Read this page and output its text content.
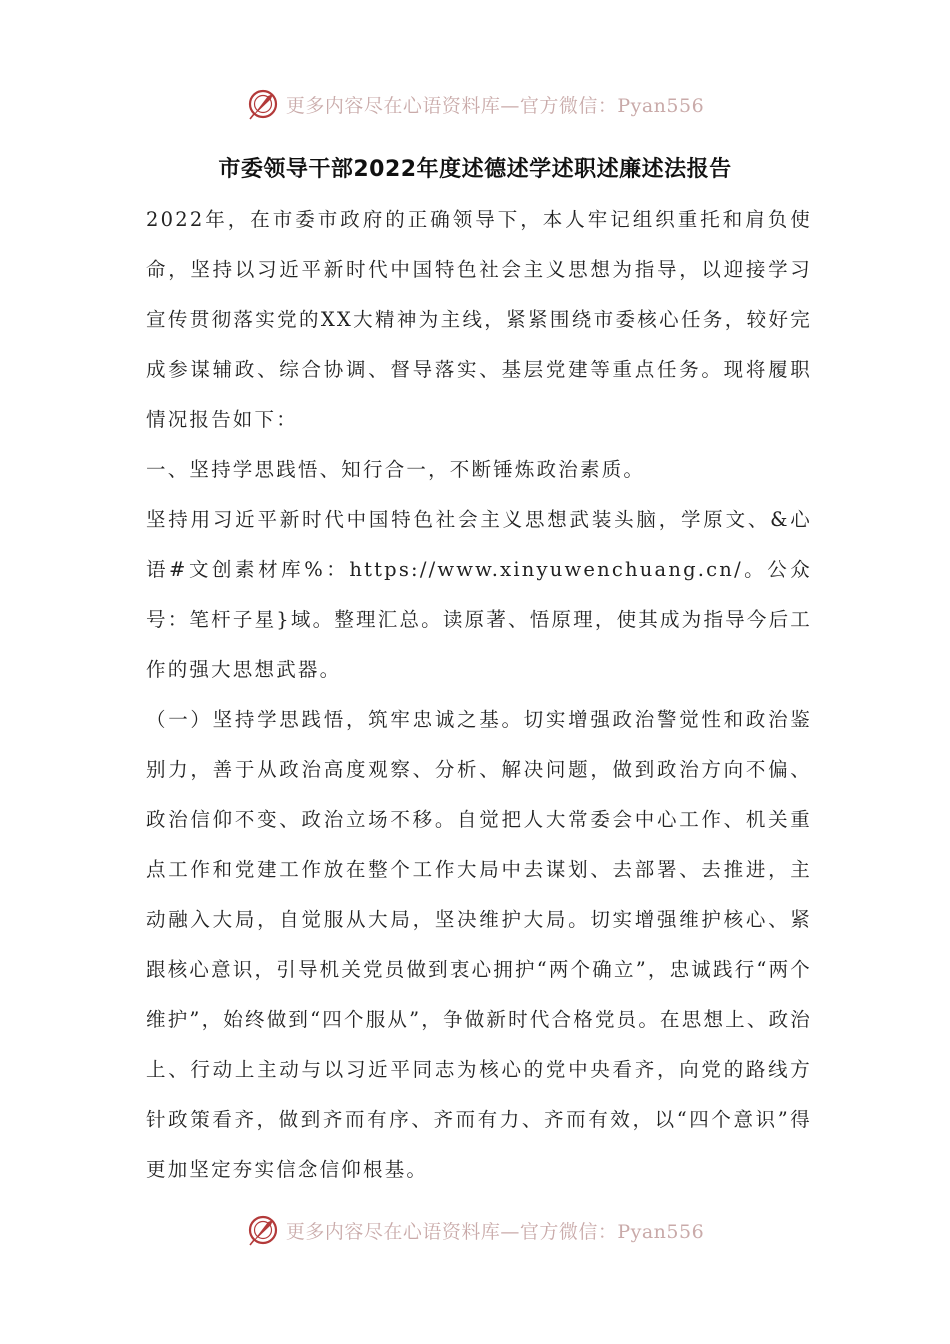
更多内容尽在心语资料库—官方微信：Pyan556
市委领导干部2022年度述德述学述职述廉述法报告

2022年，在市委市政府的正确领导下，本人牢记组织重托和肩负使命，坚持以习近平新时代中国特色社会主义思想为指导，以迎接学习宣传贯彻落实党的XX大精神为主线，紧紧围绕市委核心任务，较好完成参谋辅政、综合协调、督导落实、基层党建等重点任务。现将履职情况报告如下：

一、坚持学思践悟、知行合一，不断锤炼政治素质。

坚持用习近平新时代中国特色社会主义思想武装头脑，学原文、&心语#文创素材库%：https://www.xinyuwenchuang.cn/。公众号：笔杆子星}域。整理汇总。读原著、悟原理，使其成为指导今后工作的强大思想武器。

（一）坚持学思践悟，筑牢忠诚之基。切实增强政治警觉性和政治鉴别力，善于从政治高度观察、分析、解决问题，做到政治方向不偏、政治信仰不变、政治立场不移。自觉把人大常委会中心工作、机关重点工作和党建工作放在整个工作大局中去谋划、去部署、去推进，主动融入大局，自觉服从大局，坚决维护大局。切实增强维护核心、紧跟核心意识，引导机关党员做到衷心拥护“两个确立”，忠诚践行“两个维护”，始终做到“四个服从”，争做新时代合格党员。在思想上、政治上、行动上主动与以习近平同志为核心的党中央看齐，向党的路线方针政策看齐，做到齐而有序、齐而有力、齐而有效，以“四个意识”得更加坚定夯实信念信仰根基。

更多内容尽在心语资料库—官方微信：Pyan556
